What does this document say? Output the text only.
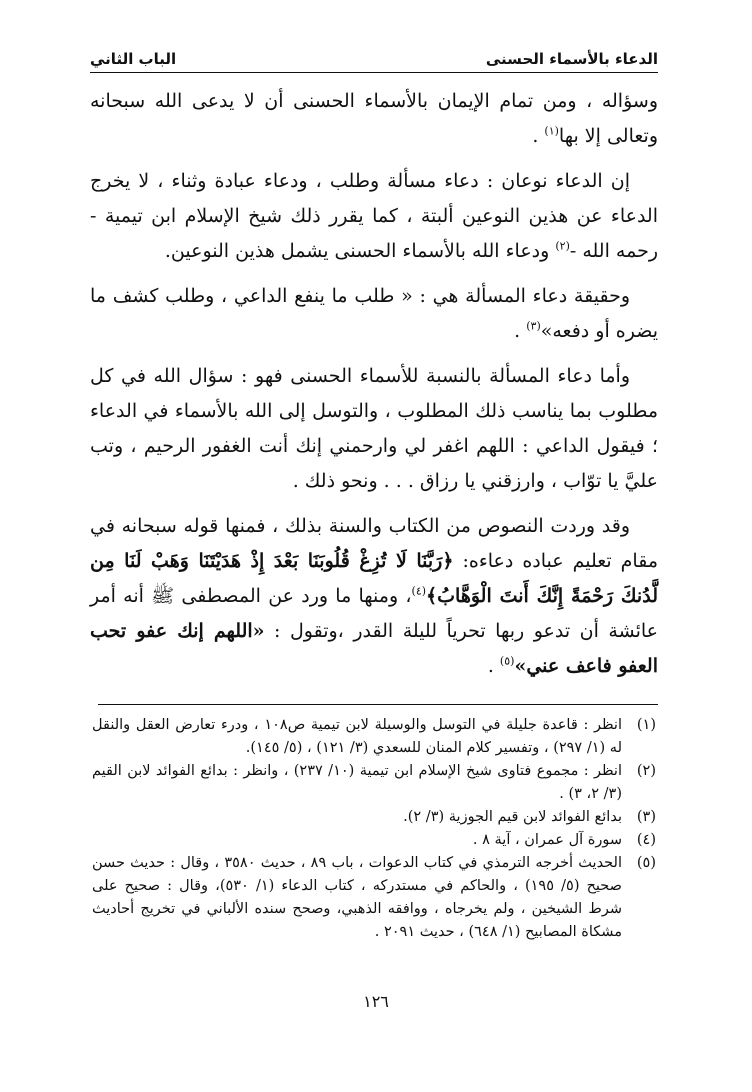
الدعاء بالأسماء الحسنى
الباب الثاني

وسؤاله ، ومن تمام الإيمان بالأسماء الحسنى أن لا يدعى الله سبحانه وتعالى إلا بها$^{(١)}$ .

إن الدعاء نوعان : دعاء مسألة وطلب ، ودعاء عبادة وثناء ، لا يخرج الدعاء عن هذين النوعين ألبتة ، كما يقرر ذلك شيخ الإسلام ابن تيمية - رحمه الله -$^{(٢)}$ ودعاء الله بالأسماء الحسنى يشمل هذين النوعين.

وحقيقة دعاء المسألة هي : « طلب ما ينفع الداعي ، وطلب كشف ما يضره أو دفعه»$^{(٣)}$ .

وأما دعاء المسألة بالنسبة للأسماء الحسنى فهو : سؤال الله في كل مطلوب بما يناسب ذلك المطلوب ، والتوسل إلى الله بالأسماء في الدعاء ؛ فيقول الداعي : اللهم اغفر لي وارحمني إنك أنت الغفور الرحيم ، وتب عليَّ يا توّاب ، وارزقني يا رزاق . . . ونحو ذلك .

وقد وردت النصوص من الكتاب والسنة بذلك ، فمنها قوله سبحانه في مقام تعليم عباده دعاءه: ﴿رَبَّنَا لَا تُزِغْ قُلُوبَنَا بَعْدَ إِذْ هَدَيْتَنَا وَهَبْ لَنَا مِن لَّدُنكَ رَحْمَةً إِنَّكَ أَنتَ الْوَهَّابُ﴾$^{(٤)}$، ومنها ما ورد عن المصطفى ﷺ أنه أمر عائشة أن تدعو ربها تحرياً لليلة القدر ،وتقول : «اللهم إنك عفو تحب العفو فاعف عني»$^{(٥)}$ .

(١)
انظر : قاعدة جليلة في التوسل والوسيلة لابن تيمية ص١٠٨ ، ودرء تعارض العقل والنقل له (١/ ٢٩٧) ، وتفسير كلام المنان للسعدي (٣/ ١٢١) ، (٥/ ١٤٥).

(٢)
انظر : مجموع فتاوى شيخ الإسلام ابن تيمية (١٠/ ٢٣٧) ، وانظر : بدائع الفوائد لابن القيم (٣/ ٢، ٣) .

(٣)
بدائع الفوائد لابن قيم الجوزية (٣/ ٢).

(٤)
سورة آل عمران ، آية ٨ .

(٥)
الحديث أخرجه الترمذي في كتاب الدعوات ، باب ٨٩ ، حديث ٣٥٨٠ ، وقال : حديث حسن صحيح (٥/ ١٩٥) ، والحاكم في مستدركه ، كتاب الدعاء (١/ ٥٣٠)، وقال : صحيح على شرط الشيخين ، ولم يخرجاه ، ووافقه الذهبي، وصحح سنده الألباني في تخريج أحاديث مشكاة المصابيح (١/ ٦٤٨) ، حديث ٢٠٩١ .

١٢٦
